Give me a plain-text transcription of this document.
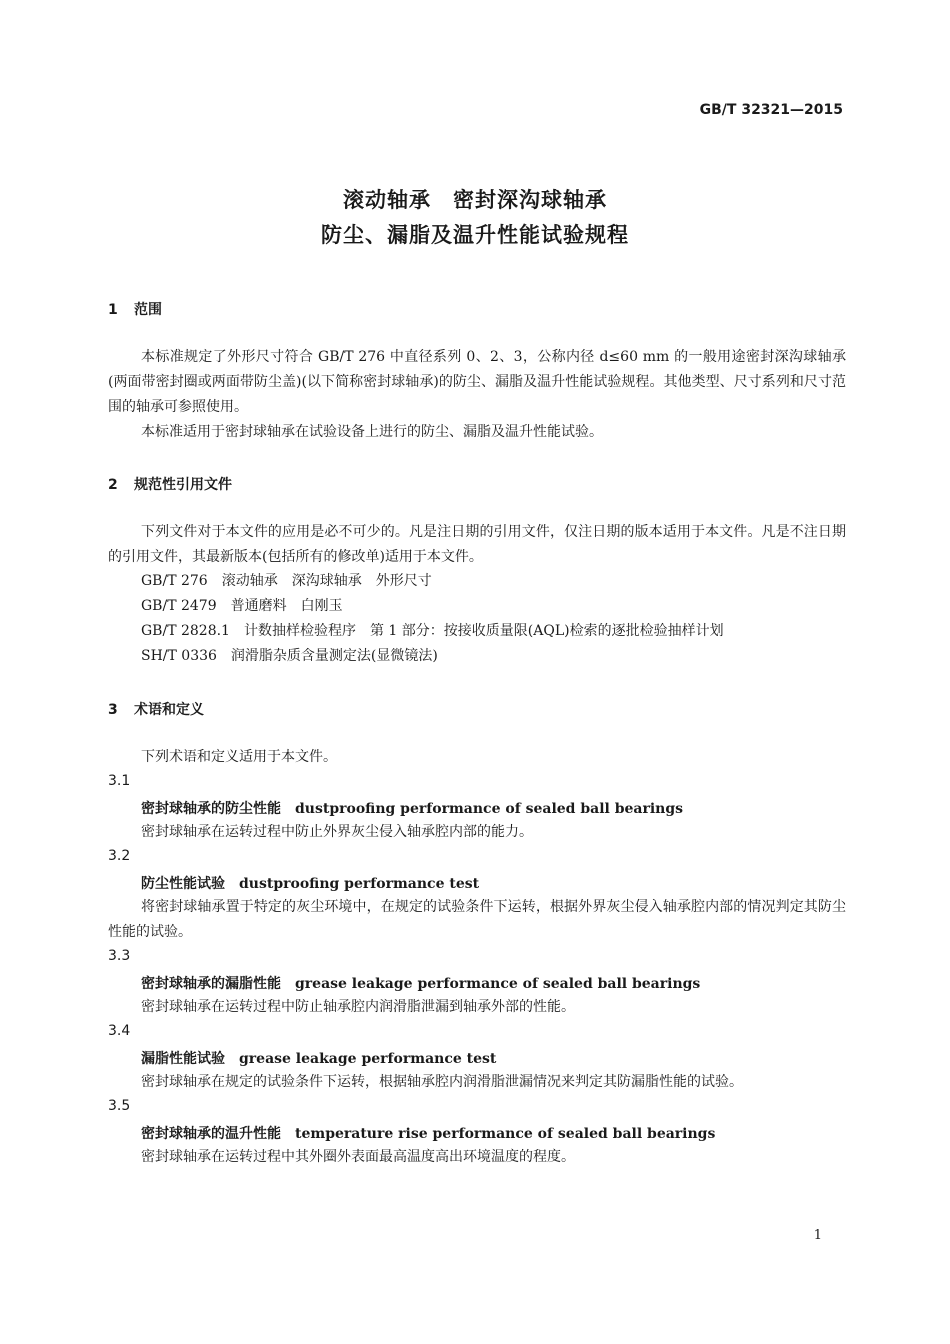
GB/T 32321—2015
滚动轴承　密封深沟球轴承
防尘、漏脂及温升性能试验规程
1 范围
本标准规定了外形尺寸符合 GB/T 276 中直径系列 0、2、3，公称内径 d≤60 mm 的一般用途密封深沟球轴承(两面带密封圈或两面带防尘盖)(以下简称密封球轴承)的防尘、漏脂及温升性能试验规程。其他类型、尺寸系列和尺寸范围的轴承可参照使用。
本标准适用于密封球轴承在试验设备上进行的防尘、漏脂及温升性能试验。
2 规范性引用文件
下列文件对于本文件的应用是必不可少的。凡是注日期的引用文件，仅注日期的版本适用于本文件。凡是不注日期的引用文件，其最新版本(包括所有的修改单)适用于本文件。
GB/T 276　滚动轴承　深沟球轴承　外形尺寸
GB/T 2479　普通磨料　白刚玉
GB/T 2828.1　计数抽样检验程序　第 1 部分：按接收质量限(AQL)检索的逐批检验抽样计划
SH/T 0336　润滑脂杂质含量测定法(显微镜法)
3 术语和定义
下列术语和定义适用于本文件。
3.1
密封球轴承的防尘性能 dustproofing performance of sealed ball bearings
密封球轴承在运转过程中防止外界灰尘侵入轴承腔内部的能力。
3.2
防尘性能试验 dustproofing performance test
将密封球轴承置于特定的灰尘环境中，在规定的试验条件下运转，根据外界灰尘侵入轴承腔内部的情况判定其防尘性能的试验。
3.3
密封球轴承的漏脂性能 grease leakage performance of sealed ball bearings
密封球轴承在运转过程中防止轴承腔内润滑脂泄漏到轴承外部的性能。
3.4
漏脂性能试验 grease leakage performance test
密封球轴承在规定的试验条件下运转，根据轴承腔内润滑脂泄漏情况来判定其防漏脂性能的试验。
3.5
密封球轴承的温升性能 temperature rise performance of sealed ball bearings
密封球轴承在运转过程中其外圈外表面最高温度高出环境温度的程度。
1
